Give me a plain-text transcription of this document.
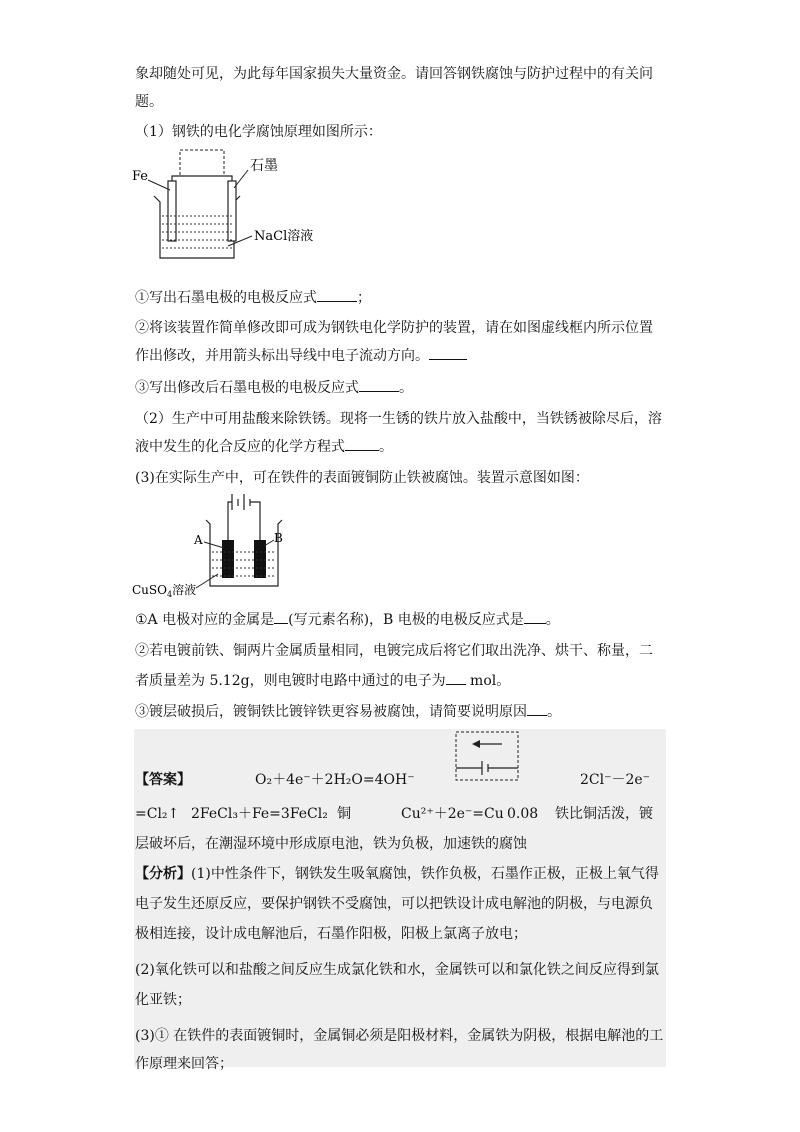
象却随处可见，为此每年国家损失大量资金。请回答钢铁腐蚀与防护过程中的有关问
题。
（1）钢铁的电化学腐蚀原理如图所示：
Fe
石墨
NaCl溶液
①写出石墨电极的电极反应式	；
②将该装置作简单修改即可成为钢铁电化学防护的装置，请在如图虚线框内所示位置
作出修改，并用箭头标出导线中电子流动方向。
③写出修改后石墨电极的电极反应式	。
（2）生产中可用盐酸来除铁锈。现将一生锈的铁片放入盐酸中，当铁锈被除尽后，溶
液中发生的化合反应的化学方程式 。
(3)在实际生产中，可在铁件的表面镀铜防止铁被腐蚀。装置示意图如图：
A	B
CuSO$_4$溶液
①A 电极对应的金属是 (写元素名称)，B 电极的电极反应式是 。
②若电镀前铁、铜两片金属质量相同，电镀完成后将它们取出洗净、烘干、称量，二
者质量差为 5.12g，则电镀时电路中通过的电子为 mol。
③镀层破损后，镀铜铁比镀锌铁更容易被腐蚀，请简要说明原因 。
【答案】	O₂＋4e⁻＋2H₂O=4OH⁻	2Cl⁻－2e⁻
=Cl₂↑ 2FeCl₃＋Fe=3FeCl₂ 铜	Cu²⁺＋2e⁻=Cu 0.08 铁比铜活泼，镀
层破坏后，在潮湿环境中形成原电池，铁为负极，加速铁的腐蚀
【分析】(1)中性条件下，钢铁发生吸氧腐蚀，铁作负极，石墨作正极，正极上氧气得
电子发生还原反应，要保护钢铁不受腐蚀，可以把铁设计成电解池的阴极，与电源负
极相连接，设计成电解池后，石墨作阳极，阳极上氯离子放电；
(2)氧化铁可以和盐酸之间反应生成氯化铁和水，金属铁可以和氯化铁之间反应得到氯
化亚铁；
(3)① 在铁件的表面镀铜时，金属铜必须是阳极材料，金属铁为阴极，根据电解池的工
作原理来回答；
